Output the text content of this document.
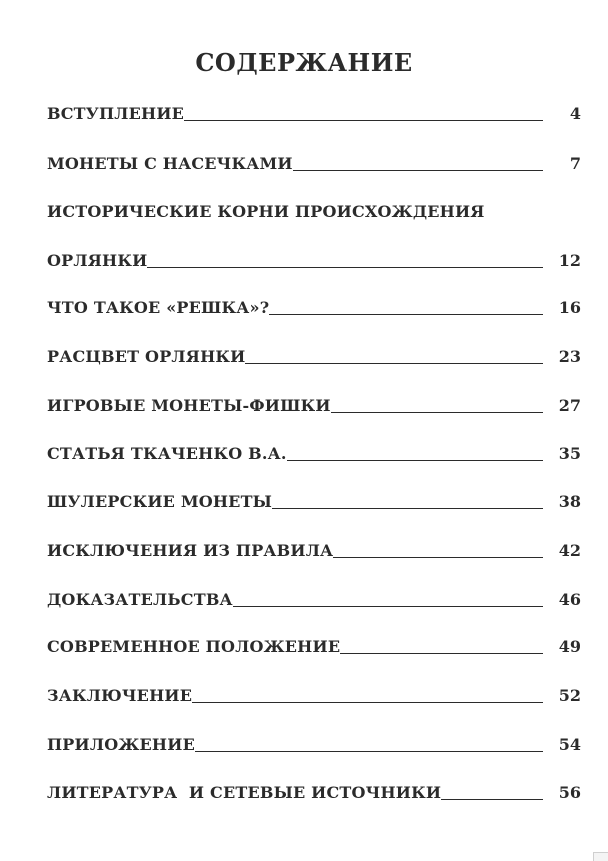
СОДЕРЖАНИЕ
ВСТУПЛЕНИЕ	4
МОНЕТЫ С НАСЕЧКАМИ	7
ИСТОРИЧЕСКИЕ КОРНИ ПРОИСХОЖДЕНИЯ
ОРЛЯНКИ	12
ЧТО ТАКОЕ «РЕШКА»?	16
РАСЦВЕТ ОРЛЯНКИ	23
ИГРОВЫЕ МОНЕТЫ-ФИШКИ	27
СТАТЬЯ ТКАЧЕНКО В.А.	35
ШУЛЕРСКИЕ МОНЕТЫ	38
ИСКЛЮЧЕНИЯ ИЗ ПРАВИЛА	42
ДОКАЗАТЕЛЬСТВА	46
СОВРЕМЕННОЕ ПОЛОЖЕНИЕ	49
ЗАКЛЮЧЕНИЕ	52
ПРИЛОЖЕНИЕ	54
ЛИТЕРАТУРА  И СЕТЕВЫЕ ИСТОЧНИКИ	56
